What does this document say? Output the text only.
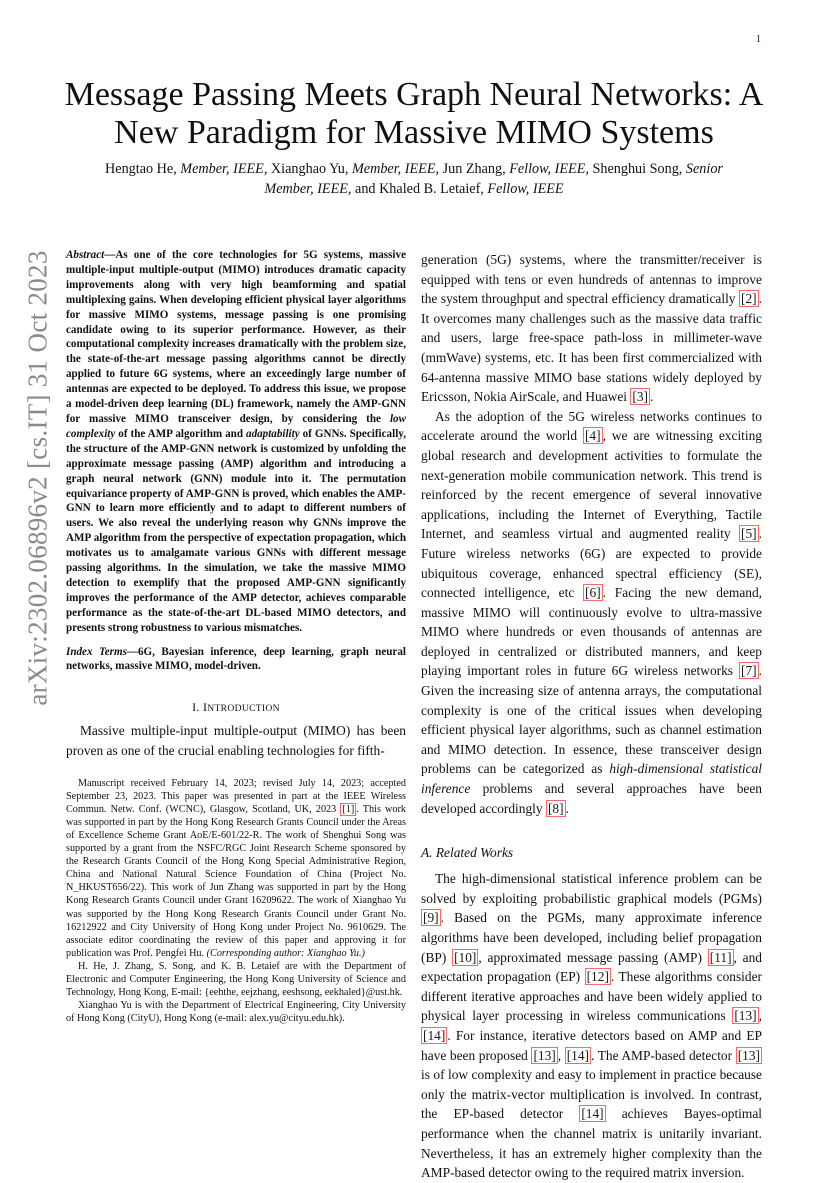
1
arXiv:2302.06896v2 [cs.IT] 31 Oct 2023
Message Passing Meets Graph Neural Networks: A New Paradigm for Massive MIMO Systems
Hengtao He, Member, IEEE, Xianghao Yu, Member, IEEE, Jun Zhang, Fellow, IEEE, Shenghui Song, Senior Member, IEEE, and Khaled B. Letaief, Fellow, IEEE

Abstract—As one of the core technologies for 5G systems, massive multiple-input multiple-output (MIMO) introduces dramatic capacity improvements along with very high beamforming and spatial multiplexing gains. When developing efficient physical layer algorithms for massive MIMO systems, message passing is one promising candidate owing to its superior performance. However, as their computational complexity increases dramatically with the problem size, the state-of-the-art message passing algorithms cannot be directly applied to future 6G systems, where an exceedingly large number of antennas are expected to be deployed. To address this issue, we propose a model-driven deep learning (DL) framework, namely the AMP-GNN for massive MIMO transceiver design, by considering the low complexity of the AMP algorithm and adaptability of GNNs. Specifically, the structure of the AMP-GNN network is customized by unfolding the approximate message passing (AMP) algorithm and introducing a graph neural network (GNN) module into it. The permutation equivariance property of AMP-GNN is proved, which enables the AMP-GNN to learn more efficiently and to adapt to different numbers of users. We also reveal the underlying reason why GNNs improve the AMP algorithm from the perspective of expectation propagation, which motivates us to amalgamate various GNNs with different message passing algorithms. In the simulation, we take the massive MIMO detection to exemplify that the proposed AMP-GNN significantly improves the performance of the AMP detector, achieves comparable performance as the state-of-the-art DL-based MIMO detectors, and presents strong robustness to various mismatches.

Index Terms—6G, Bayesian inference, deep learning, graph neural networks, massive MIMO, model-driven.

I. INTRODUCTION

Massive multiple-input multiple-output (MIMO) has been proven as one of the crucial enabling technologies for fifth-

Manuscript received February 14, 2023; revised July 14, 2023; accepted September 23, 2023. This paper was presented in part at the IEEE Wireless Commun. Netw. Conf. (WCNC), Glasgow, Scotland, UK, 2023 [1] . This work was supported in part by the Hong Kong Research Grants Council under the Areas of Excellence Scheme Grant AoE/E-601/22-R. The work of Shenghui Song was supported by a grant from the NSFC/RGC Joint Research Scheme sponsored by the Research Grants Council of the Hong Kong Special Administrative Region, China and National Natural Science Foundation of China (Project No. N_HKUST656/22). This work of Jun Zhang was supported in part by the Hong Kong Research Grants Council under Grant 16209622. The work of Xianghao Yu was supported by the Hong Kong Research Grants Council under Grant No. 16212922 and City University of Hong Kong under Project No. 9610629. The associate editor coordinating the review of this paper and approving it for publication was Prof. Pengfei Hu. (Corresponding author: Xianghao Yu.)

H. He, J. Zhang, S. Song, and K. B. Letaief are with the Department of Electronic and Computer Engineering, the Hong Kong University of Science and Technology, Hong Kong, E-mail: {eehthe, eejzhang, eeshsong, eekhaled}@ust.hk.

Xianghao Yu is with the Department of Electrical Engineering, City University of Hong Kong (CityU), Hong Kong (e-mail: alex.yu@cityu.edu.hk).

generation (5G) systems, where the transmitter/receiver is equipped with tens or even hundreds of antennas to improve the system throughput and spectral efficiency dramatically [2] . It overcomes many challenges such as the massive data traffic and users, large free-space path-loss in millimeter-wave (mmWave) systems, etc. It has been first commercialized with 64-antenna massive MIMO base stations widely deployed by Ericsson, Nokia AirScale, and Huawei [3] .

As the adoption of the 5G wireless networks continues to accelerate around the world [4] , we are witnessing exciting global research and development activities to formulate the next-generation mobile communication network. This trend is reinforced by the recent emergence of several innovative applications, including the Internet of Everything, Tactile Internet, and seamless virtual and augmented reality [5] . Future wireless networks (6G) are expected to provide ubiquitous coverage, enhanced spectral efficiency (SE), connected intelligence, etc [6] . Facing the new demand, massive MIMO will continuously evolve to ultra-massive MIMO where hundreds or even thousands of antennas are deployed in centralized or distributed manners, and keep playing important roles in future 6G wireless networks [7] . Given the increasing size of antenna arrays, the computational complexity is one of the critical issues when developing efficient physical layer algorithms, such as channel estimation and MIMO detection. In essence, these transceiver design problems can be categorized as high-dimensional statistical inference problems and several approaches have been developed accordingly [8] .

A. Related Works

The high-dimensional statistical inference problem can be solved by exploiting probabilistic graphical models (PGMs) [9] . Based on the PGMs, many approximate inference algorithms have been developed, including belief propagation (BP) [10] , approximated message passing (AMP) [11] , and expectation propagation (EP) [12] . These algorithms consider different iterative approaches and have been widely applied to physical layer processing in wireless communications [13] , [14] . For instance, iterative detectors based on AMP and EP have been proposed [13] , [14] . The AMP-based detector [13] is of low complexity and easy to implement in practice because only the matrix-vector multiplication is involved. In contrast, the EP-based detector [14] achieves Bayes-optimal performance when the channel matrix is unitarily invariant. Nevertheless, it has an extremely higher complexity than the AMP-based detector owing to the required matrix inversion.
